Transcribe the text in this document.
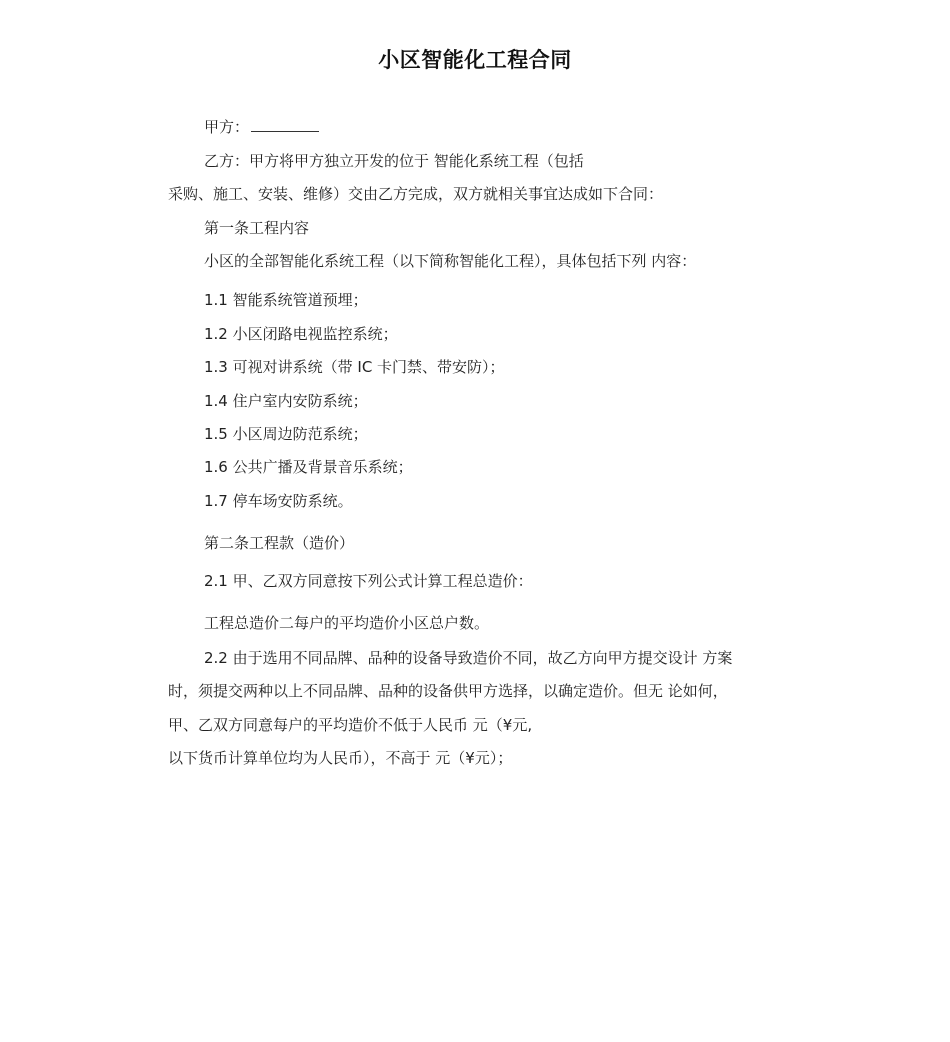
小区智能化工程合同
甲方：
乙方：甲方将甲方独立开发的位于 智能化系统工程（包括
采购、施工、安装、维修）交由乙方完成，双方就相关事宜达成如下合同：
第一条工程内容
小区的全部智能化系统工程（以下简称智能化工程），具体包括下列 内容：
1.1 智能系统管道预埋；
1.2 小区闭路电视监控系统；
1.3 可视对讲系统（带 IC 卡门禁、带安防）；
1.4 住户室内安防系统；
1.5 小区周边防范系统；
1.6 公共广播及背景音乐系统；
1.7 停车场安防系统。
第二条工程款（造价）
2.1 甲、乙双方同意按下列公式计算工程总造价：
工程总造价二每户的平均造价小区总户数。
2.2 由于选用不同品牌、品种的设备导致造价不同，故乙方向甲方提交设计 方案
时，须提交两种以上不同品牌、品种的设备供甲方选择，以确定造价。但无 论如何，
甲、乙双方同意每户的平均造价不低于人民币 元（¥元,
以下货币计算单位均为人民币），不高于 元（¥元）；
